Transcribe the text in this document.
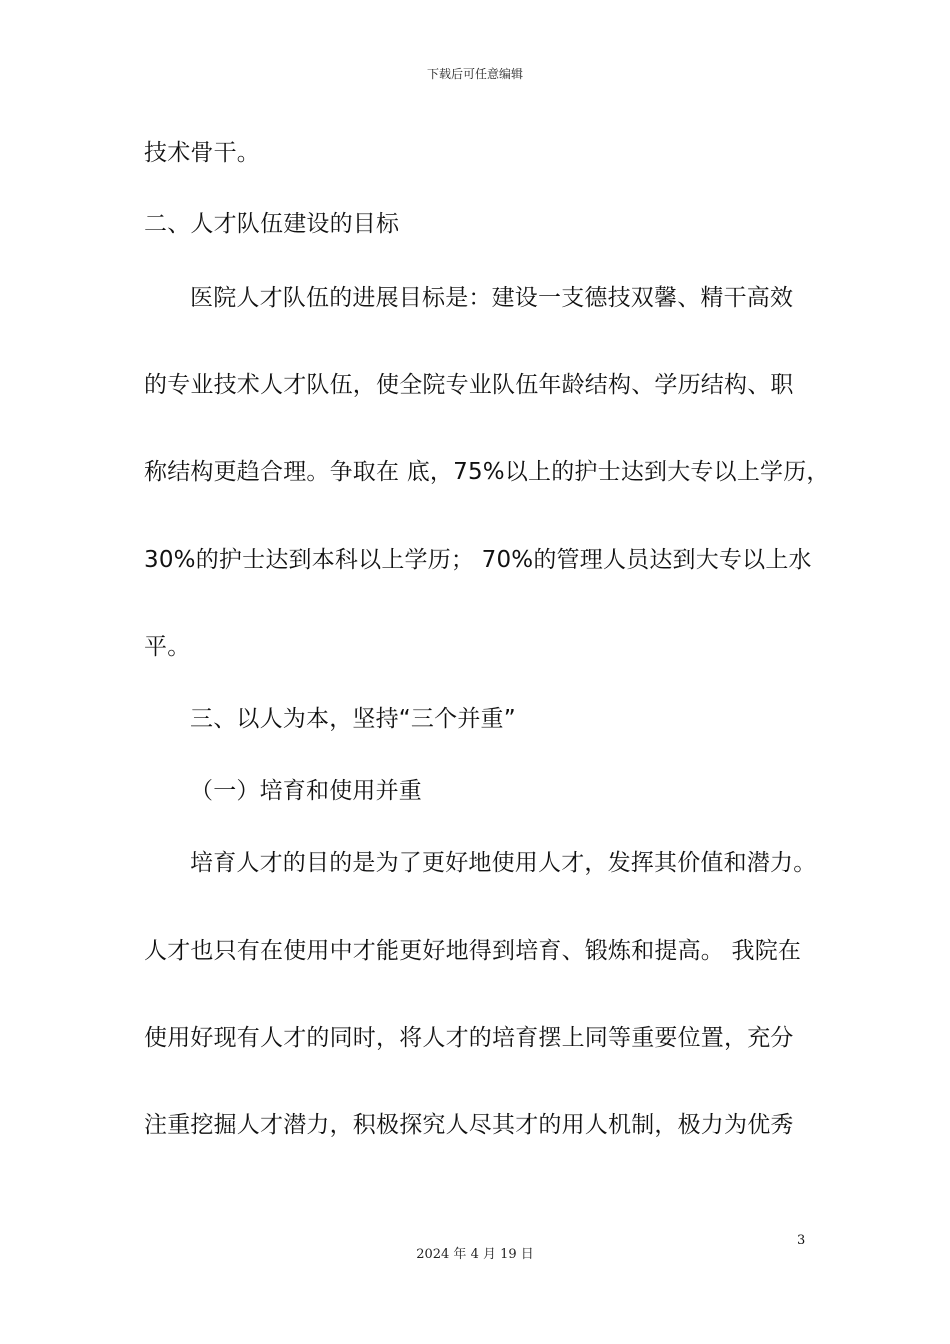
下载后可任意编辑
技术骨干。
二、人才队伍建设的目标
医院人才队伍的进展目标是：建设一支德技双馨、精干高效
的专业技术人才队伍，使全院专业队伍年龄结构、学历结构、职
称结构更趋合理。争取在 底，75%以上的护士达到大专以上学历，
30%的护士达到本科以上学历； 70%的管理人员达到大专以上水
平。
三、以人为本，坚持“三个并重”
（一）培育和使用并重
培育人才的目的是为了更好地使用人才，发挥其价值和潜力。
人才也只有在使用中才能更好地得到培育、锻炼和提高。 我院在
使用好现有人才的同时，将人才的培育摆上同等重要位置，充分
注重挖掘人才潜力，积极探究人尽其才的用人机制，极力为优秀
3
2024 年 4 月 19 日
